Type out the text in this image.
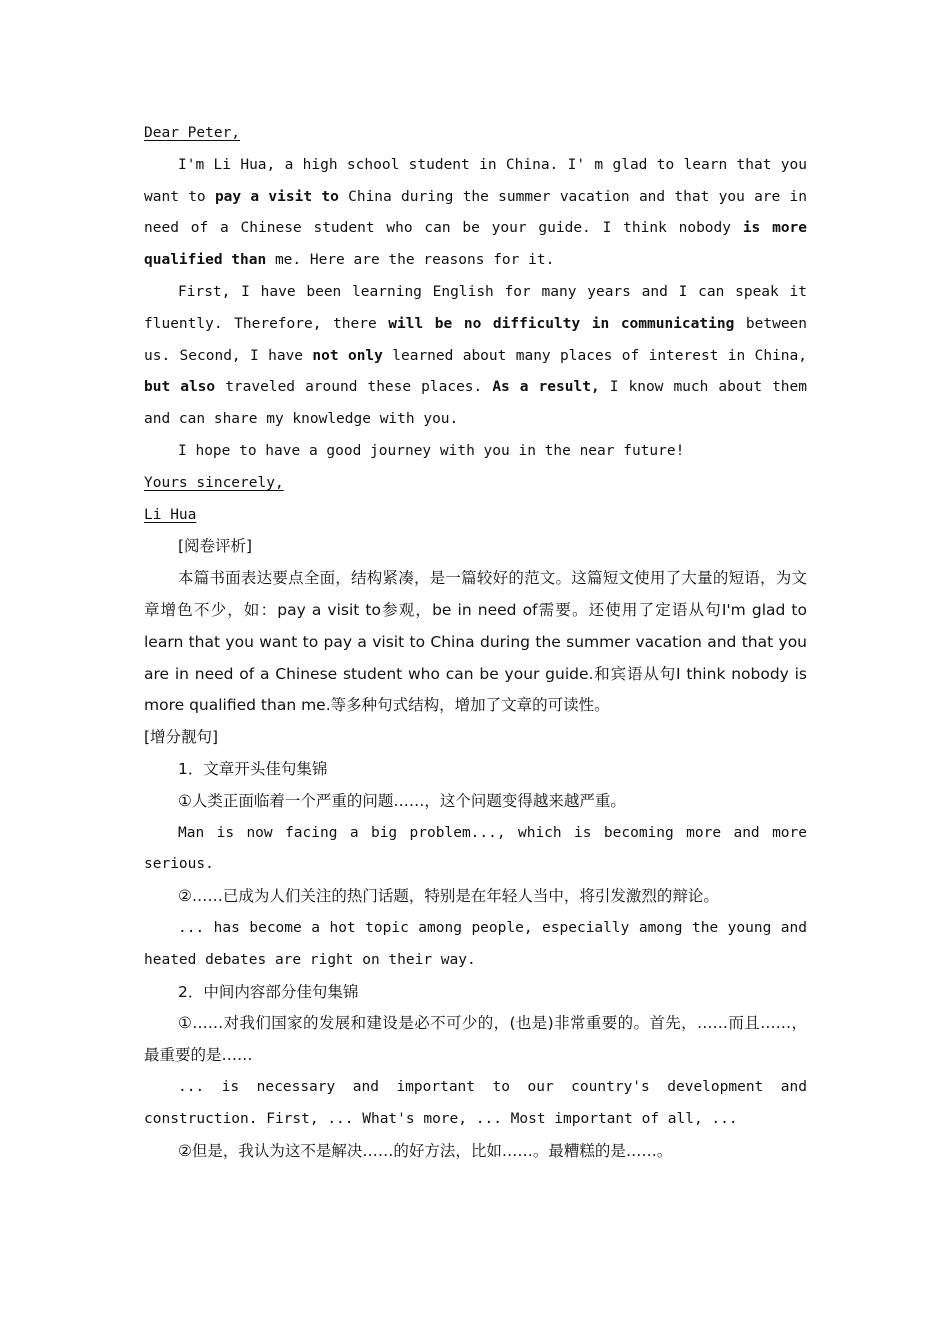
Dear Peter,

I'm Li Hua, a high school student in China. I' m glad to learn that you want to pay a visit to China during the summer vacation and that you are in need of a Chinese student who can be your guide. I think nobody is more qualified than me. Here are the reasons for it.

First, I have been learning English for many years and I can speak it fluently. Therefore, there will be no difficulty in communicating between us. Second, I have not only learned about many places of interest in China, but also traveled around these places. As a result, I know much about them and can share my knowledge with you.

I hope to have a good journey with you in the near future!

Yours sincerely,

Li Hua

[阅卷评析]

本篇书面表达要点全面，结构紧凑，是一篇较好的范文。这篇短文使用了大量的短语，为文章增色不少，如：pay a visit to参观，be in need of需要。还使用了定语从句I'm glad to learn that you want to pay a visit to China during the summer vacation and that you are in need of a Chinese student who can be your guide.和宾语从句I think nobody is more qualified than me.等多种句式结构，增加了文章的可读性。

[增分靓句]

1．文章开头佳句集锦

①人类正面临着一个严重的问题……，这个问题变得越来越严重。

Man is now facing a big problem..., which is becoming more and more serious.

②……已成为人们关注的热门话题，特别是在年轻人当中，将引发激烈的辩论。

... has become a hot topic among people, especially among the young and heated debates are right on their way.

2．中间内容部分佳句集锦

①……对我们国家的发展和建设是必不可少的，(也是)非常重要的。首先，……而且……，最重要的是……

... is necessary and important to our country's development and construction. First, ... What's more, ... Most important of all, ...

②但是，我认为这不是解决……的好方法，比如……。最糟糕的是……。
